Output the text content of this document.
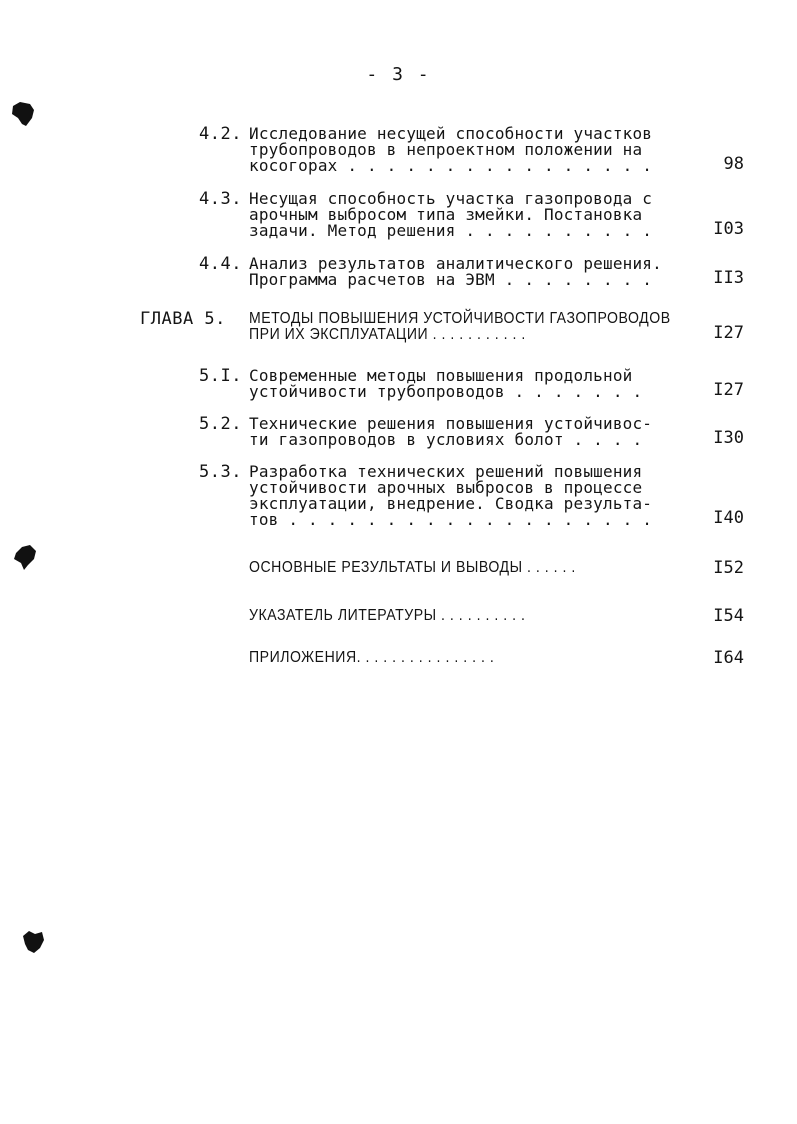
- 3 -
4.2. Исследование несущей способности участков
трубопроводов в непроектном положении на
косогорах . . . . . . . . . . . . . . . .	98
4.3. Несущая способность участка газопровода с
арочным выбросом типа змейки. Постановка
задачи. Метод решения . . . . . . . . . .	I03
4.4. Анализ результатов аналитического решения.
Программа расчетов на ЭВМ . . . . . . . .	II3
ГЛАВА 5. МЕТОДЫ ПОВЫШЕНИЯ УСТОЙЧИВОСТИ ГАЗОПРОВОДОВ
ПРИ ИХ ЭКСПЛУАТАЦИИ . . . . . . . . . . .	I27
5.I. Современные методы повышения продольной
устойчивости трубопроводов . . . . . . .	I27
5.2. Технические решения повышения устойчивос-
ти газопроводов в условиях болот . . . .	I30
5.3. Разработка технических решений повышения
устойчивости арочных выбросов в процессе
эксплуатации, внедрение. Сводка результа-
тов . . . . . . . . . . . . . . . . . . .	I40
ОСНОВНЫЕ РЕЗУЛЬТАТЫ И ВЫВОДЫ . . . . . .	I52
УКАЗАТЕЛЬ ЛИТЕРАТУРЫ . . . . . . . . . .	I54
ПРИЛОЖЕНИЯ. . . . . . . . . . . . . . . .	I64
